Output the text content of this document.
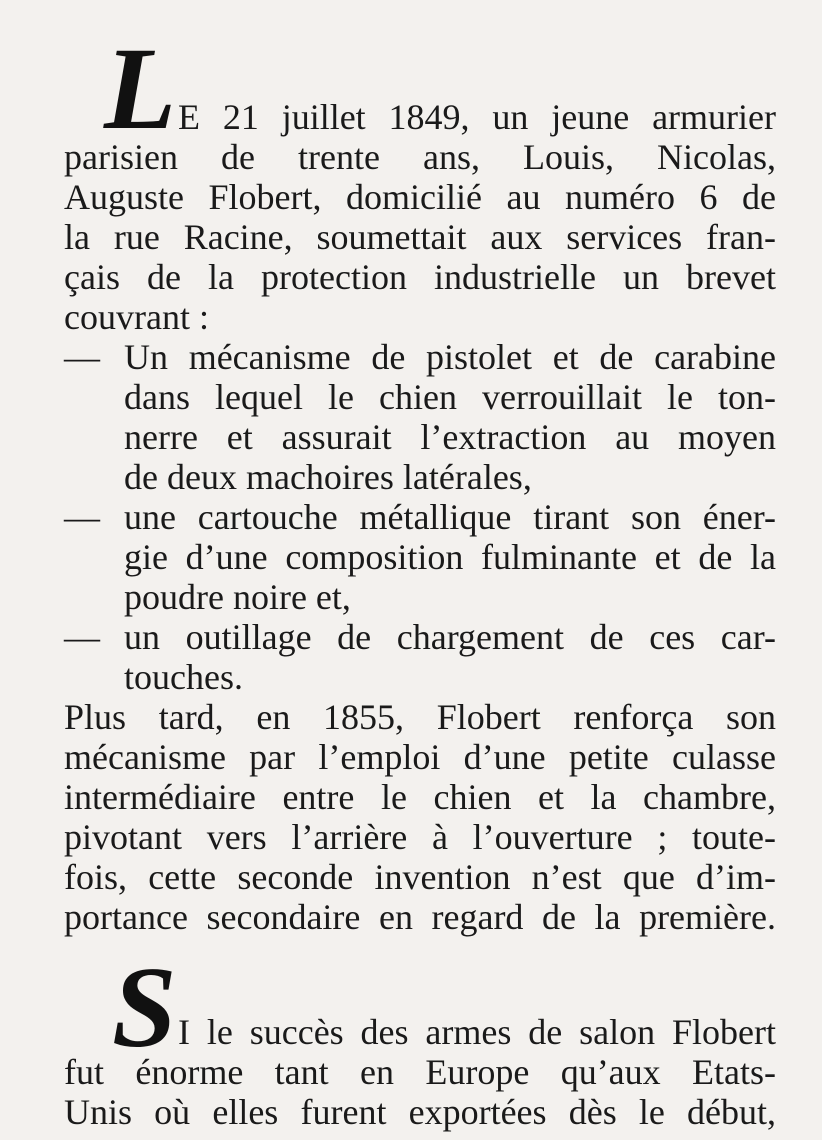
L E 21 juillet 1849, un jeune armurier
parisien de trente ans, Louis, Nicolas,
Auguste Flobert, domicilié au numéro 6 de
la rue Racine, soumettait aux services fran-
çais de la protection industrielle un brevet
couvrant :
— Un mécanisme de pistolet et de carabine
dans lequel le chien verrouillait le ton-
nerre et assurait l’extraction au moyen
de deux machoires latérales,
— une cartouche métallique tirant son éner-
gie d’une composition fulminante et de la
poudre noire et,
— un outillage de chargement de ces car-
touches.
Plus tard, en 1855, Flobert renforça son
mécanisme par l’emploi d’une petite culasse
intermédiaire entre le chien et la chambre,
pivotant vers l’arrière à l’ouverture ; toute-
fois, cette seconde invention n’est que d’im-
portance secondaire en regard de la première.
S I le succès des armes de salon Flobert
fut énorme tant en Europe qu’aux Etats-
Unis où elles furent exportées dès le début,
